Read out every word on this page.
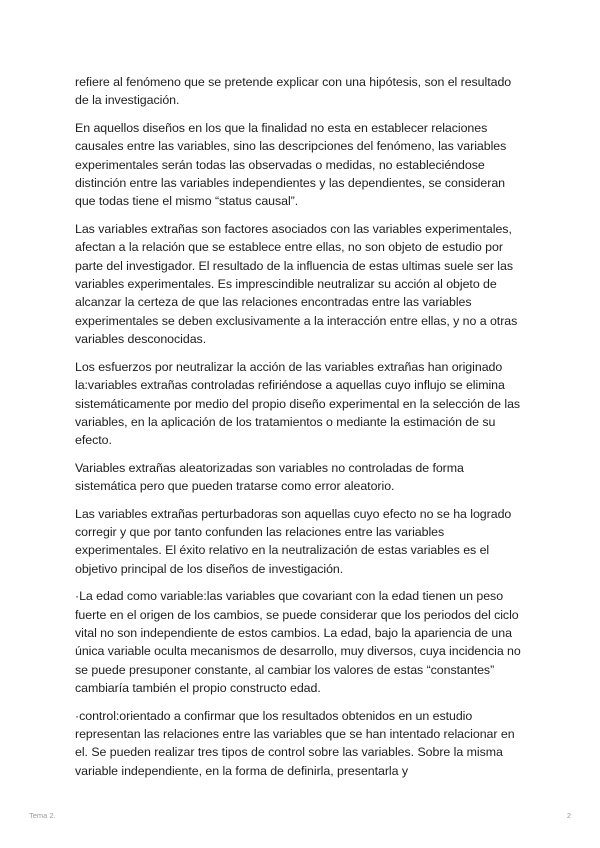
refiere al fenómeno que se pretende explicar con una hipótesis, son el resultado de la investigación.

En aquellos diseños en los que la finalidad no esta en establecer relaciones causales entre las variables, sino las descripciones del fenómeno, las variables experimentales serán todas las observadas o medidas, no estableciéndose distinción entre las variables independientes y las dependientes, se consideran que todas tiene el mismo “status causal”.

Las variables extrañas son factores asociados con las variables experimentales, afectan a la relación que se establece entre ellas, no son objeto de estudio por parte del investigador. El resultado de la influencia de estas ultimas suele ser las variables experimentales. Es imprescindible neutralizar su acción al objeto de alcanzar la certeza de que las relaciones encontradas entre las variables experimentales se deben exclusivamente a la interacción entre ellas, y no a otras variables desconocidas.

Los esfuerzos por neutralizar la acción de las variables extrañas han originado la:variables extrañas controladas refiriéndose a aquellas cuyo influjo se elimina sistemáticamente por medio del propio diseño experimental en la selección de las variables, en la aplicación de los tratamientos o mediante la estimación de su efecto.

Variables extrañas aleatorizadas son variables no controladas de forma sistemática pero que pueden tratarse como error aleatorio.

Las variables extrañas perturbadoras son aquellas cuyo efecto no se ha logrado corregir y que por tanto confunden las relaciones entre las variables experimentales. El éxito relativo en la neutralización de estas variables es el objetivo principal de los diseños de investigación.

·La edad como variable:las variables que covariant con la edad tienen un peso fuerte en el origen de los cambios, se puede considerar que los periodos del ciclo vital no son independiente de estos cambios. La edad, bajo la apariencia de una única variable oculta mecanismos de desarrollo, muy diversos, cuya incidencia no se puede presuponer constante, al cambiar los valores de estas “constantes” cambiaría también el propio constructo edad.

·control:orientado a confirmar que los resultados obtenidos en un estudio representan las relaciones entre las variables que se han intentado relacionar en el. Se pueden realizar tres tipos de control sobre las variables. Sobre la misma variable independiente, en la forma de definirla, presentarla y

Tema 2.	2
